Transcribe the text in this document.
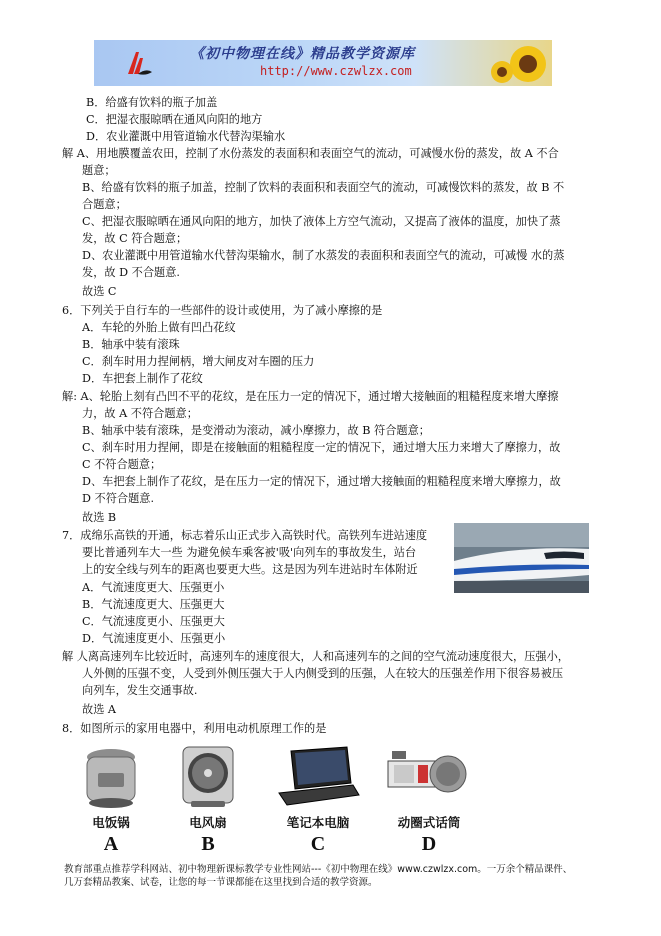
《初中物理在线》精品教学资源库
http://www.czwlzx.com
B．给盛有饮料的瓶子加盖
C．把湿衣服晾晒在通风向阳的地方
D．农业灌溉中用管道输水代替沟渠输水
解 A、用地膜覆盖农田，控制了水份蒸发的表面积和表面空气的流动，可减慢水份的蒸发，故 A 不合
题意；
B、给盛有饮料的瓶子加盖，控制了饮料的表面积和表面空气的流动，可减慢饮料的蒸发，故 B 不
合题意；
C、把湿衣服晾晒在通风向阳的地方，加快了液体上方空气流动，又提高了液体的温度，加快了蒸
发，故 C 符合题意；
D、农业灌溉中用管道输水代替沟渠输水，制了水蒸发的表面积和表面空气的流动，可减慢 水的蒸
发，故 D 不合题意.
故选 C
6．下列关于自行车的一些部件的设计或使用，为了减小摩擦的是
A．车轮的外胎上做有凹凸花纹
B．轴承中装有滚珠
C．刹车时用力捏闸柄，增大闸皮对车圈的压力
D．车把套上制作了花纹
解: A、轮胎上刻有凸凹不平的花纹，是在压力一定的情况下，通过增大接触面的粗糙程度来增大摩擦
力，故 A 不符合题意；
B、轴承中装有滚珠，是变滑动为滚动，减小摩擦力，故 B 符合题意；
C、刹车时用力捏闸，即是在接触面的粗糙程度一定的情况下，通过增大压力来增大了摩擦力，故
C 不符合题意；
D、车把套上制作了花纹，是在压力一定的情况下，通过增大接触面的粗糙程度来增大摩擦力，故
D 不符合题意.
故选 B
7．成绵乐高铁的开通，标志着乐山正式步入高铁时代。高铁列车进站速度
要比普通列车大一些 为避免候车乘客被'吸'向列车的事故发生，站台
上的安全线与列车的距离也要更大些。这是因为列车进站时车体附近
A．气流速度更大、压强更小
B．气流速度更大、压强更大
C．气流速度更小、压强更大
D．气流速度更小、压强更小
解 人离高速列车比较近时，高速列车的速度很大，人和高速列车的之间的空气流动速度很大，压强小，
人外侧的压强不变，人受到外侧压强大于人内侧受到的压强，人在较大的压强差作用下很容易被压
向列车，发生交通事故.
故选 A
8．如图所示的家用电器中，利用电动机原理工作的是
电饭锅
A
电风扇
B
笔记本电脑
C
动圈式话筒
D
教育部重点推荐学科网站、初中物理新课标教学专业性网站---《初中物理在线》www.czwlzx.com。一万余个精品课件、
几万套精品教案、试卷，让您的每一节课都能在这里找到合适的教学资源。
